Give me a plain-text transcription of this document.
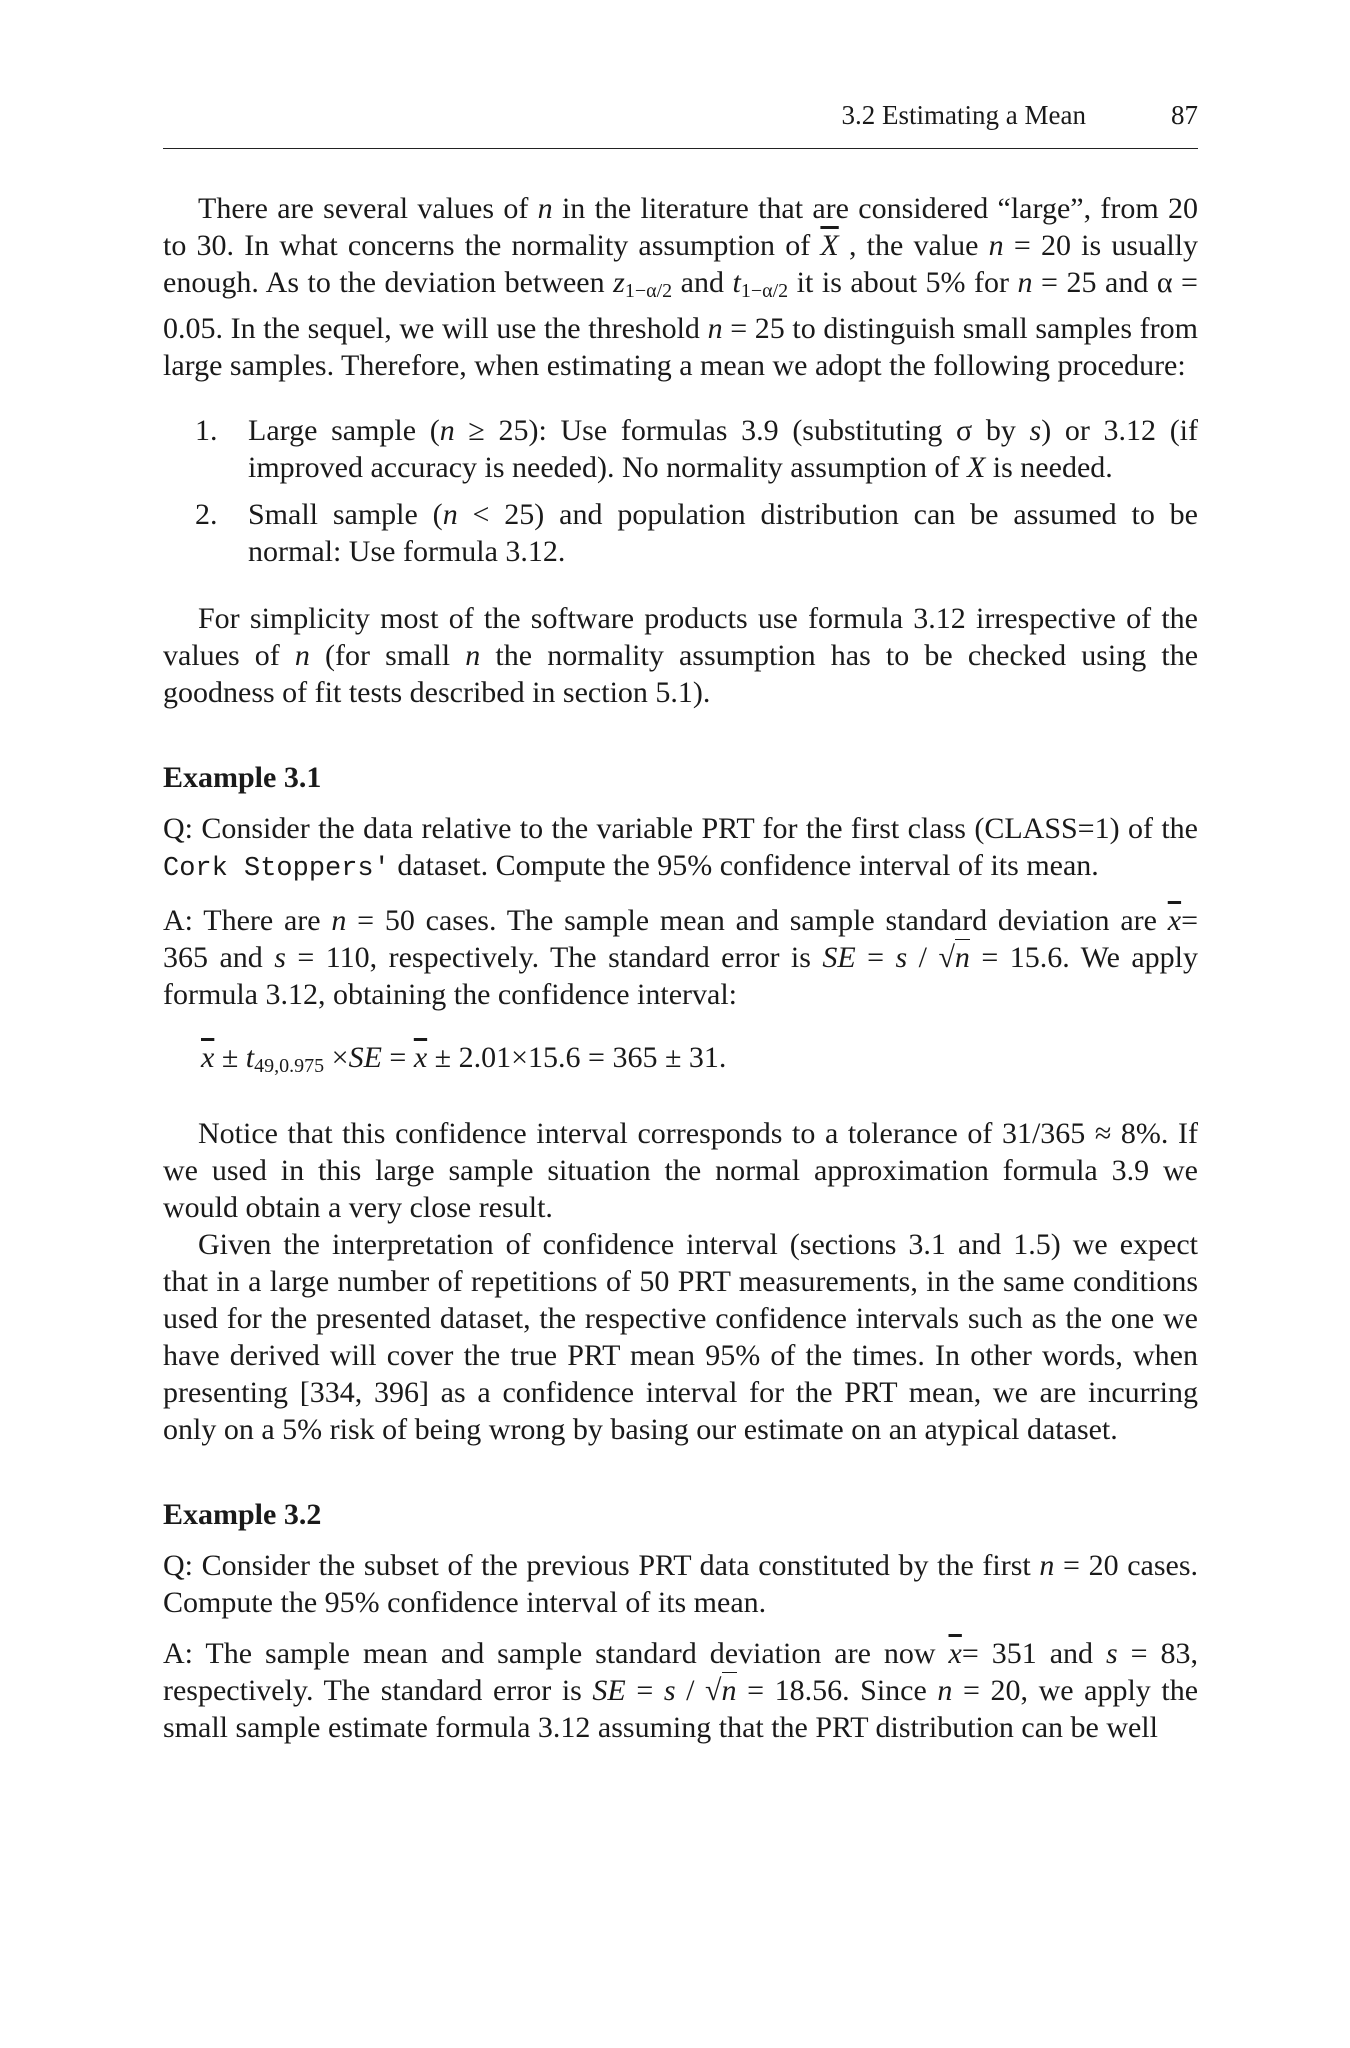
3.2 Estimating a Mean	87

There are several values of n in the literature that are considered “large”, from 20 to 30. In what concerns the normality assumption of $\overline{X}$ , the value n = 20 is usually enough. As to the deviation between $z_{1-\alpha/2}$ and $t_{1-\alpha/2}$ it is about 5% for n = 25 and α = 0.05. In the sequel, we will use the threshold n = 25 to distinguish small samples from large samples. Therefore, when estimating a mean we adopt the following procedure:

1. Large sample (n ≥ 25): Use formulas 3.9 (substituting σ by s) or 3.12 (if improved accuracy is needed). No normality assumption of X is needed.
2. Small sample (n < 25) and population distribution can be assumed to be normal: Use formula 3.12.

For simplicity most of the software products use formula 3.12 irrespective of the values of n (for small n the normality assumption has to be checked using the goodness of fit tests described in section 5.1).

Example 3.1

Q: Consider the data relative to the variable PRT for the first class (CLASS=1) of the Cork Stoppers' dataset. Compute the 95% confidence interval of its mean.

A: There are n = 50 cases. The sample mean and sample standard deviation are $\overline{x}= 365$ and s = 110, respectively. The standard error is SE = s / √n = 15.6. We apply formula 3.12, obtaining the confidence interval:

$\overline{x} \pm t_{49,0.975} \times SE = \overline{x} \pm 2.01\times 15.6 = 365 \pm 31$.

Notice that this confidence interval corresponds to a tolerance of 31/365 ≈ 8%. If we used in this large sample situation the normal approximation formula 3.9 we would obtain a very close result.

Given the interpretation of confidence interval (sections 3.1 and 1.5) we expect that in a large number of repetitions of 50 PRT measurements, in the same conditions used for the presented dataset, the respective confidence intervals such as the one we have derived will cover the true PRT mean 95% of the times. In other words, when presenting [334, 396] as a confidence interval for the PRT mean, we are incurring only on a 5% risk of being wrong by basing our estimate on an atypical dataset.

Example 3.2

Q: Consider the subset of the previous PRT data constituted by the first n = 20 cases. Compute the 95% confidence interval of its mean.

A: The sample mean and sample standard deviation are now $\overline{x}= 351$ and s = 83, respectively. The standard error is SE = s / √n = 18.56. Since n = 20, we apply the small sample estimate formula 3.12 assuming that the PRT distribution can be well
